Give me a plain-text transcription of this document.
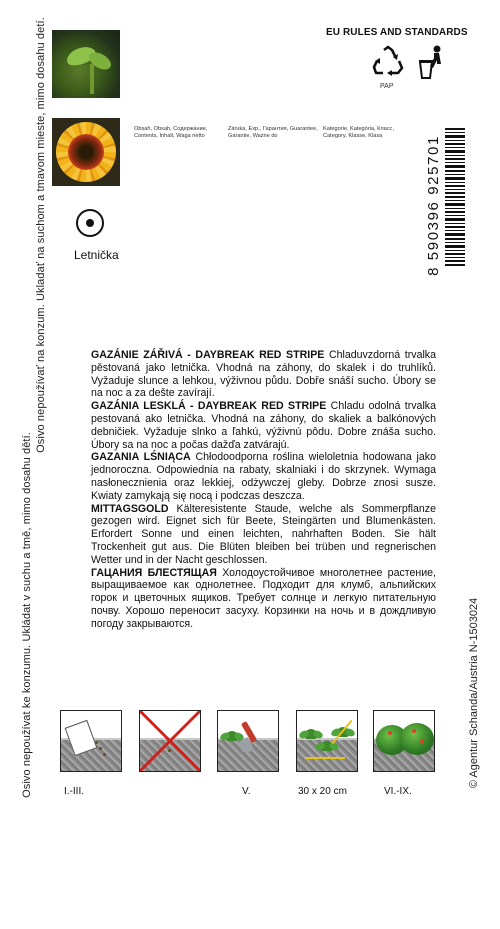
Osivo nepoužívat ke konzumu. Ukládat v suchu a tmě, mimo dosahu dětí.
Osivo nepoužívať na konzum. Ukladať na suchom a tmavom mieste, mimo dosahu detí.
© Agentur Schanda/Austria N-1503024
Letnička
Obsah, Obsah, Содержание, Contents, Inhalt, Waga netto
Záruka, Exp., Гарантия, Guarantee, Garantie, Ważne do
Kategorie, Kategória, Класс, Category, Klasse, Klasa
EU RULES AND STANDARDS
PAP
8 590396 925701

GAZÁNIE ZÁŘIVÁ - DAYBREAK RED STRIPE Chladuvzdorná trvalka pěstovaná jako letnička. Vhodná na záhony, do skalek i do truhlíků. Vyžaduje slunce a lehkou, výživnou půdu. Dobře snáší sucho. Úbory se na noc a za dešte zavírají.

GAZÁNIA LESKLÁ - DAYBREAK RED STRIPE Chladu odolná trvalka pestovaná ako letnička. Vhodná na záhony, do skaliek a balkónových debničiek. Vyžaduje slnko a ľahkú, výživnú pôdu. Dobre znáša sucho. Úbory sa na noc a počas dažďa zatvárajú.

GAZANIA LŚNIĄCA Chłodoodporna roślina wieloletnia hodowana jako jednoroczna. Odpowiednia na rabaty, skalniaki i do skrzynek. Wymaga nasłonecznienia oraz lekkiej, odżywczej gleby. Dobrze znosi susze. Kwiaty zamykają się nocą i podczas deszcza.

MITTAGSGOLD Kälteresistente Staude, welche als Sommerpflanze gezogen wird. Eignet sich für Beete, Steingärten und Blumenkästen. Erfordert Sonne und einen leichten, nahrhaften Boden. Sie hält Trockenheit gut aus. Die Blüten bleiben bei trüben und regnerischen Wetter und in der Nacht geschlossen.

ГАЦАНИЯ БЛЕСТЯЩАЯ Холодоустойчивое многолетнее растение, выращиваемое как однолетнее. Подходит для клумб, альпийских горок и цветочных ящиков. Требует солнце и легкую питательную почву. Хорошо переносит засуху. Корзинки на ночь и в дождливую погоду закрываются.

I.-III.	V.	30 x 20 cm	VI.-IX.
